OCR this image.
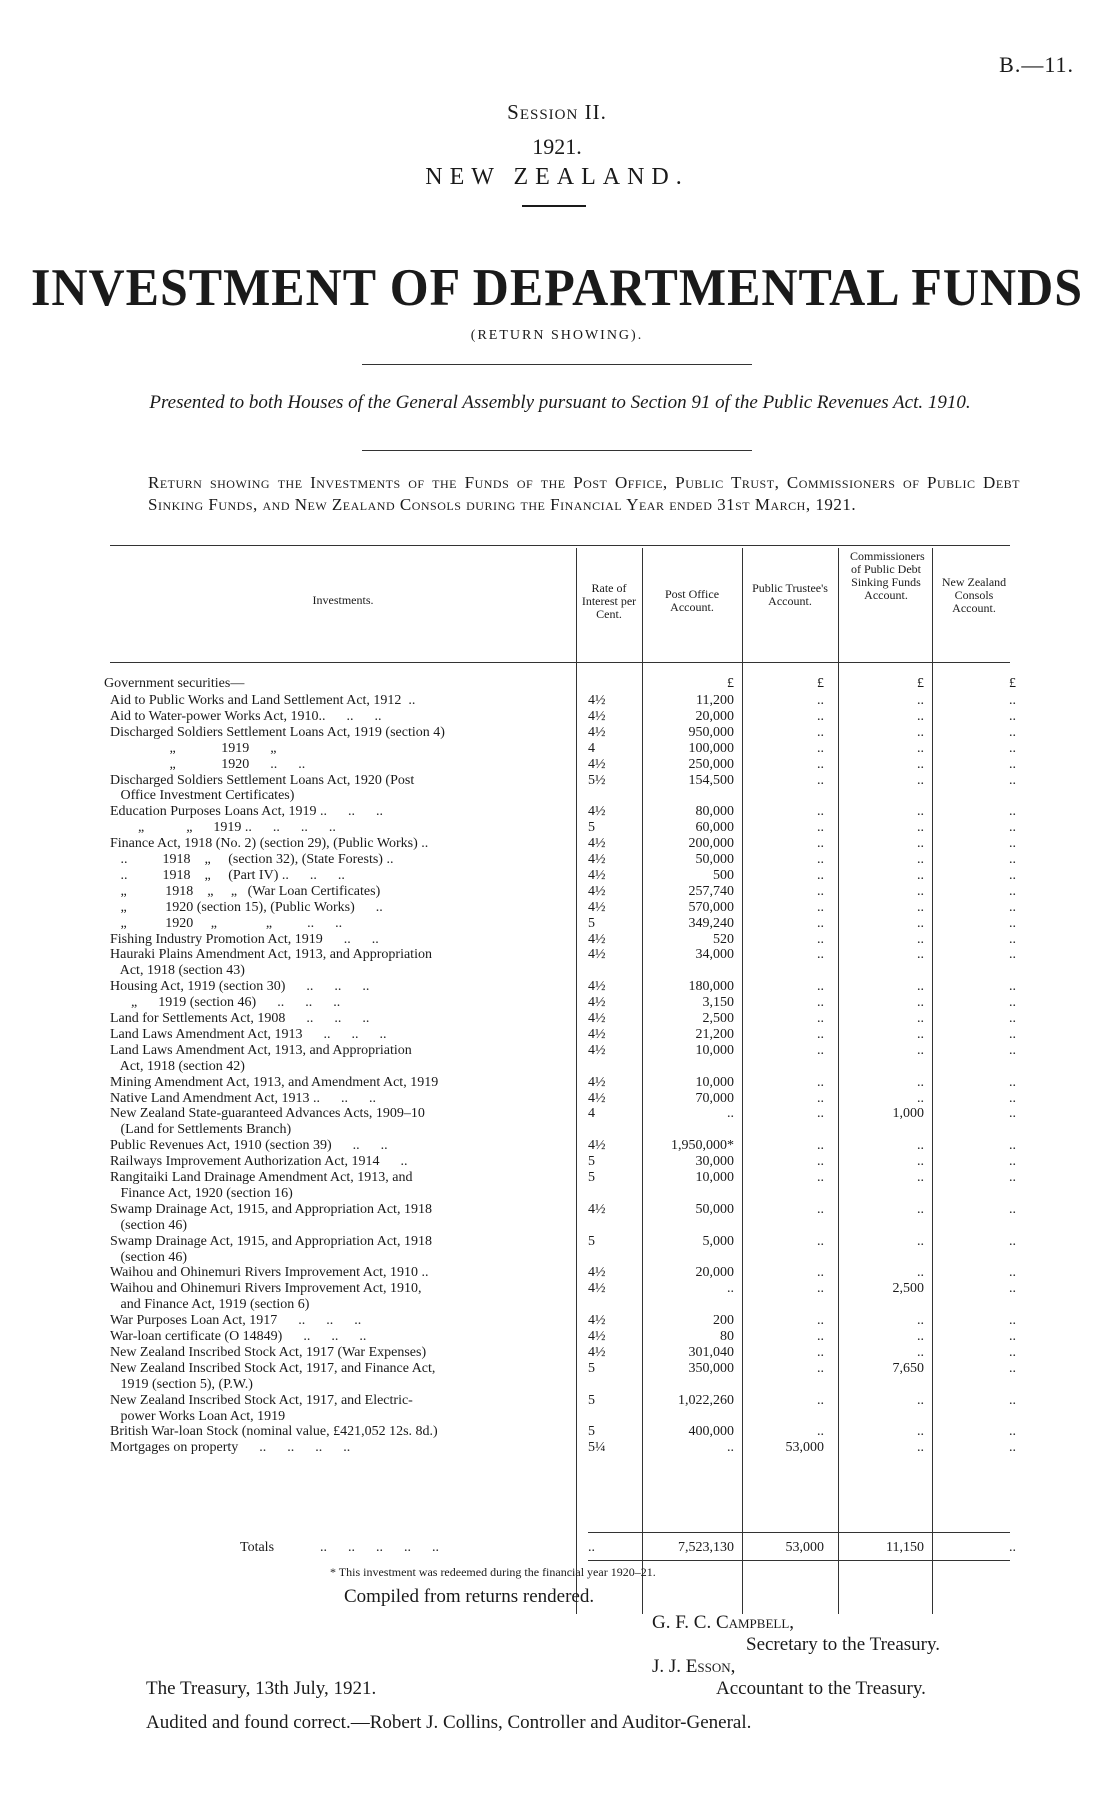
B.—11.
Session II.
1921.
NEW ZEALAND.
INVESTMENT OF DEPARTMENTAL FUNDS
(RETURN SHOWING).
Presented to both Houses of the General Assembly pursuant to Section 91 of the Public Revenues Act. 1910.
Return showing the Investments of the Funds of the Post Office, Public Trust, Commissioners of Public Debt Sinking Funds, and New Zealand Consols during the Financial Year ended 31st March, 1921.
Investments.
Rate of Interest per Cent.
Post Office Account.
Public Trustee's Account.
Commissioners of Public Debt Sinking Funds Account.
New Zealand Consols Account.
Government securities—	£	£	£	£
Aid to Public Works and Land Settlement Act, 1912  ..	4½	11,200	..	..	..
Aid to Water-power Works Act, 1910..      ..      ..	4½	20,000	..	..	..
Discharged Soldiers Settlement Loans Act, 1919 (section 4)	4½	950,000	..	..	..
„             1919      „	4	100,000	..	..	..
„             1920      ..      ..	4½	250,000	..	..	..
Discharged Soldiers Settlement Loans Act, 1920 (Post	5½	154,500	..	..	..
Office Investment Certificates)
Education Purposes Loans Act, 1919 ..      ..      ..	4½	80,000	..	..	..
„            „      1919 ..      ..      ..      ..	5	60,000	..	..	..
Finance Act, 1918 (No. 2) (section 29), (Public Works) ..	4½	200,000	..	..	..
..          1918    „     (section 32), (State Forests) ..	4½	50,000	..	..	..
..          1918    „     (Part IV) ..      ..      ..	4½	500	..	..	..
„           1918    „     „   (War Loan Certificates)	4½	257,740	..	..	..
„           1920 (section 15), (Public Works)      ..	4½	570,000	..	..	..
„           1920     „              „          ..      ..	5	349,240	..	..	..
Fishing Industry Promotion Act, 1919      ..      ..	4½	520	..	..	..
Hauraki Plains Amendment Act, 1913, and Appropriation	4½	34,000	..	..	..
Act, 1918 (section 43)
Housing Act, 1919 (section 30)      ..      ..      ..	4½	180,000	..	..	..
„      1919 (section 46)      ..      ..      ..	4½	3,150	..	..	..
Land for Settlements Act, 1908      ..      ..      ..	4½	2,500	..	..	..
Land Laws Amendment Act, 1913      ..      ..      ..	4½	21,200	..	..	..
Land Laws Amendment Act, 1913, and Appropriation	4½	10,000	..	..	..
Act, 1918 (section 42)
Mining Amendment Act, 1913, and Amendment Act, 1919	4½	10,000	..	..	..
Native Land Amendment Act, 1913 ..      ..      ..	4½	70,000	..	..	..
New Zealand State-guaranteed Advances Acts, 1909–10	4	..	..	1,000	..
(Land for Settlements Branch)
Public Revenues Act, 1910 (section 39)      ..      ..	4½	1,950,000*	..	..	..
Railways Improvement Authorization Act, 1914      ..	5	30,000	..	..	..
Rangitaiki Land Drainage Amendment Act, 1913, and	5	10,000	..	..	..
Finance Act, 1920 (section 16)
Swamp Drainage Act, 1915, and Appropriation Act, 1918	4½	50,000	..	..	..
(section 46)
Swamp Drainage Act, 1915, and Appropriation Act, 1918	5	5,000	..	..	..
(section 46)
Waihou and Ohinemuri Rivers Improvement Act, 1910 ..	4½	20,000	..	..	..
Waihou and Ohinemuri Rivers Improvement Act, 1910,	4½	..	..	2,500	..
and Finance Act, 1919 (section 6)
War Purposes Loan Act, 1917      ..      ..      ..	4½	200	..	..	..
War-loan certificate (O 14849)      ..      ..      ..	4½	80	..	..	..
New Zealand Inscribed Stock Act, 1917 (War Expenses)	4½	301,040	..	..	..
New Zealand Inscribed Stock Act, 1917, and Finance Act,	5	350,000	..	7,650	..
1919 (section 5), (P.W.)
New Zealand Inscribed Stock Act, 1917, and Electric-	5	1,022,260	..	..	..
power Works Loan Act, 1919
British War-loan Stock (nominal value, £421,052 12s. 8d.)	5	400,000	..	..	..
Mortgages on property      ..      ..      ..      ..	5¼	..	53,000	..	..
Totals	..      ..      ..      ..      ..	..	7,523,130	53,000	11,150	..
* This investment was redeemed during the financial year 1920–21.
Compiled from returns rendered.
G. F. C. Campbell,
Secretary to the Treasury.
J. J. Esson,
The Treasury, 13th July, 1921.	Accountant to the Treasury.
Audited and found correct.—Robert J. Collins, Controller and Auditor-General.
